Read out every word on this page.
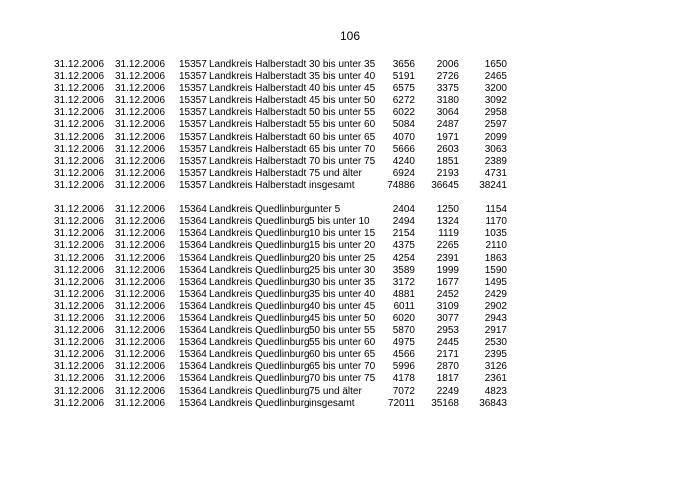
106
31.12.2006 31.12.2006 15357 Landkreis Halberstadt 30 bis unter 35 3656 2006	1650
31.12.2006 31.12.2006 15357 Landkreis Halberstadt 35 bis unter 40 5191 2726	2465
31.12.2006 31.12.2006 15357 Landkreis Halberstadt 40 bis unter 45 6575 3375	3200
31.12.2006 31.12.2006 15357 Landkreis Halberstadt 45 bis unter 50 6272 3180	3092
31.12.2006 31.12.2006 15357 Landkreis Halberstadt 50 bis unter 55 6022 3064	2958
31.12.2006 31.12.2006 15357 Landkreis Halberstadt 55 bis unter 60 5084 2487	2597
31.12.2006 31.12.2006 15357 Landkreis Halberstadt 60 bis unter 65 4070 1971	2099
31.12.2006 31.12.2006 15357 Landkreis Halberstadt 65 bis unter 70 5666 2603	3063
31.12.2006 31.12.2006 15357 Landkreis Halberstadt 70 bis unter 75 4240 1851	2389
31.12.2006 31.12.2006 15357 Landkreis Halberstadt 75 und älter	6924 2193	4731
31.12.2006 31.12.2006 15357 Landkreis Halberstadt insgesamt	74886 36645 38241
31.12.2006 31.12.2006 15364 Landkreis Quedlinburg unter 5	2404 1250	1154
31.12.2006 31.12.2006 15364 Landkreis Quedlinburg 5 bis unter 10 2494 1324	1170
31.12.2006 31.12.2006 15364 Landkreis Quedlinburg 10 bis unter 15 2154 1119	1035
31.12.2006 31.12.2006 15364 Landkreis Quedlinburg 15 bis unter 20 4375 2265	2110
31.12.2006 31.12.2006 15364 Landkreis Quedlinburg 20 bis unter 25 4254 2391	1863
31.12.2006 31.12.2006 15364 Landkreis Quedlinburg 25 bis unter 30 3589 1999	1590
31.12.2006 31.12.2006 15364 Landkreis Quedlinburg 30 bis unter 35 3172 1677	1495
31.12.2006 31.12.2006 15364 Landkreis Quedlinburg 35 bis unter 40 4881 2452	2429
31.12.2006 31.12.2006 15364 Landkreis Quedlinburg 40 bis unter 45 6011 3109	2902
31.12.2006 31.12.2006 15364 Landkreis Quedlinburg 45 bis unter 50 6020 3077	2943
31.12.2006 31.12.2006 15364 Landkreis Quedlinburg 50 bis unter 55 5870 2953	2917
31.12.2006 31.12.2006 15364 Landkreis Quedlinburg 55 bis unter 60 4975 2445	2530
31.12.2006 31.12.2006 15364 Landkreis Quedlinburg 60 bis unter 65 4566 2171	2395
31.12.2006 31.12.2006 15364 Landkreis Quedlinburg 65 bis unter 70 5996 2870	3126
31.12.2006 31.12.2006 15364 Landkreis Quedlinburg 70 bis unter 75 4178 1817	2361
31.12.2006 31.12.2006 15364 Landkreis Quedlinburg 75 und älter	7072 2249	4823
31.12.2006 31.12.2006 15364 Landkreis Quedlinburg insgesamt	72011 35168 36843
